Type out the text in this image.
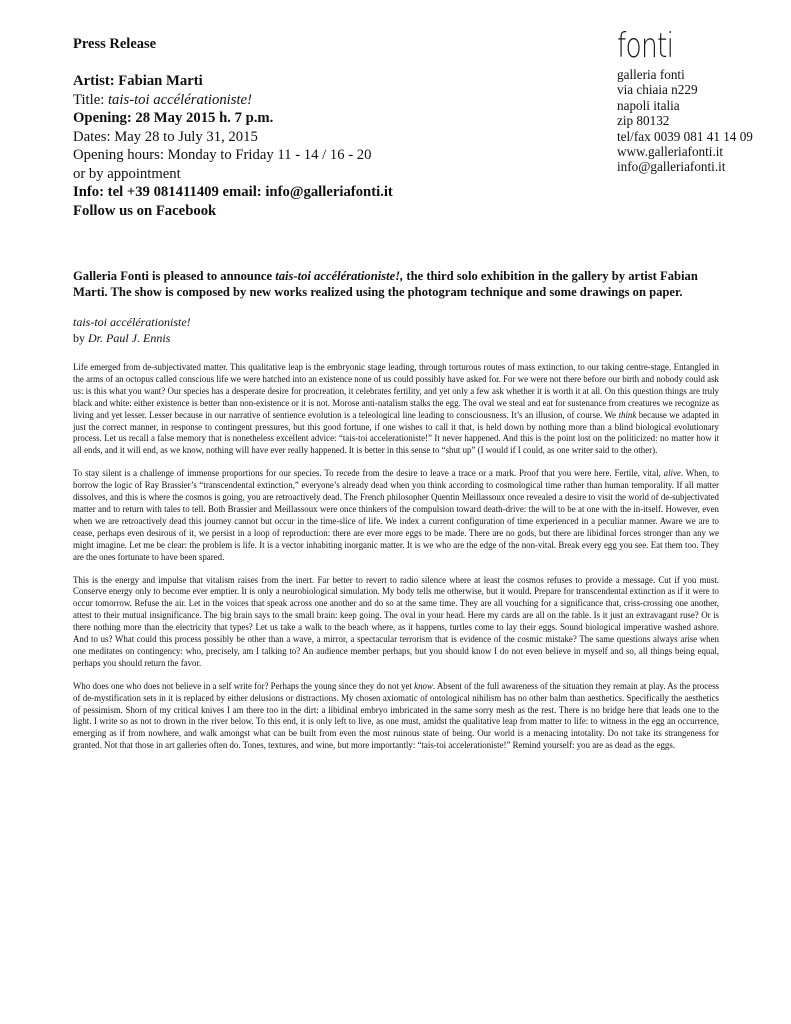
Press Release
Artist: Fabian Marti
Title: tais-toi accélérationiste!
Opening: 28 May 2015 h. 7 p.m.
Dates: May 28 to July 31, 2015
Opening hours: Monday to Friday 11 - 14 / 16 - 20
or by appointment
Info: tel +39 081411409 email: info@galleriafonti.it
Follow us on Facebook
fonti
galleria fonti
via chiaia n229
napoli italia
zip 80132
tel/fax 0039 081 41 14 09
www.galleriafonti.it
info@galleriafonti.it
Galleria Fonti is pleased to announce tais-toi accélérationiste!, the third solo exhibition in the gallery by artist Fabian Marti. The show is composed by new works realized using the photogram technique and some drawings on paper.
tais-toi accélérationiste!
by Dr. Paul J. Ennis

Life emerged from de-subjectivated matter. This qualitative leap is the embryonic stage leading, through torturous routes of mass extinction, to our taking centre-stage. Entangled in the arms of an octopus called conscious life we were hatched into an existence none of us could possibly have asked for. For we were not there before our birth and nobody could ask us: is this what you want? Our species has a desperate desire for procreation, it celebrates fertility, and yet only a few ask whether it is worth it at all. On this question things are truly black and white: either existence is better than non-existence or it is not. Morose anti-natalism stalks the egg. The oval we steal and eat for sustenance from creatures we recognize as living and yet lesser. Lesser because in our narrative of sentience evolution is a teleological line leading to consciousness. It’s an illusion, of course. We think because we adapted in just the correct manner, in response to contingent pressures, but this good fortune, if one wishes to call it that, is held down by nothing more than a blind biological evolutionary process. Let us recall a false memory that is nonetheless excellent advice: “tais-toi accelerationiste!” It never happened. And this is the point lost on the politicized: no matter how it all ends, and it will end, as we know, nothing will have ever really happened. It is better in this sense to “shut up” (I would if I could, as one writer said to the other).

To stay silent is a challenge of immense proportions for our species. To recede from the desire to leave a trace or a mark. Proof that you were here. Fertile, vital, alive. When, to borrow the logic of Ray Brassier’s “transcendental extinction,” everyone’s already dead when you think according to cosmological time rather than human temporality. If all matter dissolves, and this is where the cosmos is going, you are retroactively dead. The French philosopher Quentin Meillassoux once revealed a desire to visit the world of de-subjectivated matter and to return with tales to tell. Both Brassier and Meillassoux were once thinkers of the compulsion toward death-drive: the will to be at one with the in-itself. However, even when we are retroactively dead this journey cannot but occur in the time-slice of life. We index a current configuration of time experienced in a peculiar manner. Aware we are to cease, perhaps even desirous of it, we persist in a loop of reproduction: there are ever more eggs to be made. There are no gods, but there are libidinal forces stronger than any we might imagine. Let me be clear: the problem is life. It is a vector inhabiting inorganic matter. It is we who are the edge of the non-vital. Break every egg you see. Eat them too. They are the ones fortunate to have been spared.

This is the energy and impulse that vitalism raises from the inert. Far better to revert to radio silence where at least the cosmos refuses to provide a message. Cut if you must. Conserve energy only to become ever emptier. It is only a neurobiological simulation. My body tells me otherwise, but it would. Prepare for transcendental extinction as if it were to occur tomorrow. Refuse the air. Let in the voices that speak across one another and do so at the same time. They are all vouching for a significance that, criss-crossing one another, attest to their mutual insignificance. The big brain says to the small brain: keep going. The oval in your head. Here my cards are all on the table. Is it just an extravagant ruse? Or is there nothing more than the electricity that types? Let us take a walk to the beach where, as it happens, turtles come to lay their eggs. Sound biological imperative washed ashore. And to us? What could this process possibly be other than a wave, a mirror, a spectacular terrorism that is evidence of the cosmic mistake? The same questions always arise when one meditates on contingency: who, precisely, am I talking to? An audience member perhaps, but you should know I do not even believe in myself and so, all things being equal, perhaps you should return the favor.

Who does one who does not believe in a self write for? Perhaps the young since they do not yet know. Absent of the full awareness of the situation they remain at play. As the process of de-mystification sets in it is replaced by either delusions or distractions. My chosen axiomatic of ontological nihilism has no other balm than aesthetics. Specifically the aesthetics of pessimism. Shorn of my critical knives I am there too in the dirt: a libidinal embryo imbricated in the same sorry mesh as the rest. There is no bridge here that leads one to the light. I write so as not to drown in the river below. To this end, it is only left to live, as one must, amidst the qualitative leap from matter to life: to witness in the egg an occurrence, emerging as if from nowhere, and walk amongst what can be built from even the most ruinous state of being. Our world is a menacing intotality. Do not take its strangeness for granted. Not that those in art galleries often do. Tones, textures, and wine, but more importantly: “tais-toi accelerationiste!” Remind yourself: you are as dead as the eggs.
